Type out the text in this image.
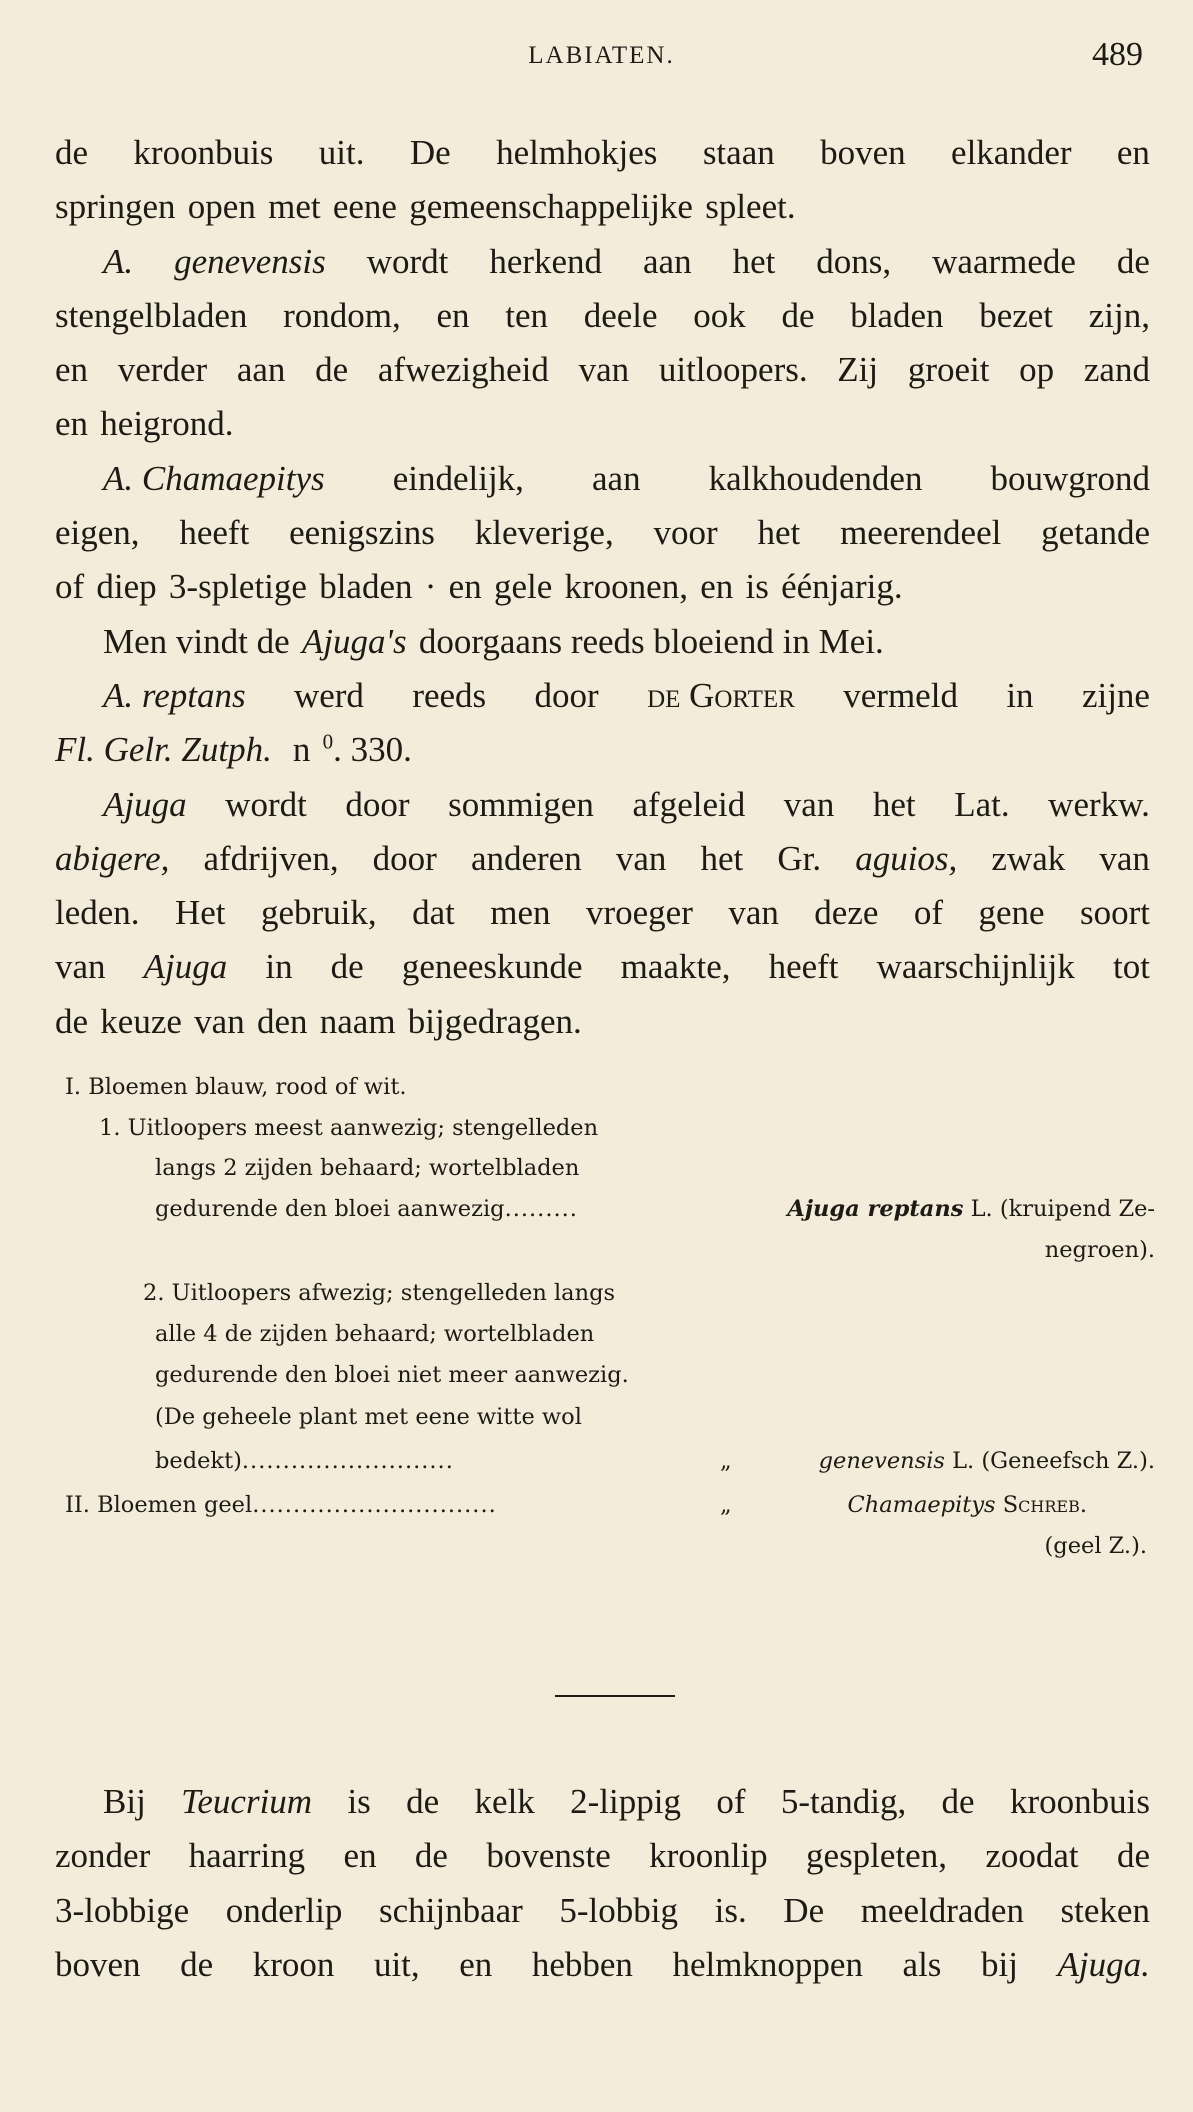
LABIATEN.	489
de kroonbuis uit. De helmhokjes staan boven elkander en
springen open met eene gemeenschappelijke spleet.
A. genevensis wordt herkend aan het dons, waarmede de
stengelbladen rondom, en ten deele ook de bladen bezet zijn,
en verder aan de afwezigheid van uitloopers. Zij groeit op zand
en heigrond.
A. Chamaepitys eindelijk, aan kalkhoudenden bouwgrond
eigen, heeft eenigszins kleverige, voor het meerendeel getande
of diep 3-spletige bladen · en gele kroonen, en is éénjarig.
Men vindt de Ajuga's doorgaans reeds bloeiend in Mei.
A. reptans werd reeds door de Gorter vermeld in zijne
Fl. Gelr. Zutph. n $^0$. 330.
Ajuga wordt door sommigen afgeleid van het Lat. werkw.
abigere, afdrijven, door anderen van het Gr. aguios, zwak van
leden. Het gebruik, dat men vroeger van deze of gene soort
van Ajuga in de geneeskunde maakte, heeft waarschijnlijk tot
de keuze van den naam bijgedragen.
I. Bloemen blauw, rood of wit.
1. Uitloopers meest aanwezig; stengelleden
langs 2 zijden behaard; wortelbladen
gedurende den bloei aanwezig.........	Ajuga reptans L. (kruipend Ze-
negroen).
2. Uitloopers afwezig; stengelleden langs
alle 4 de zijden behaard; wortelbladen
gedurende den bloei niet meer aanwezig.
(De geheele plant met eene witte wol
bedekt)..........................	„	genevensis L. (Geneefsch Z.).
II. Bloemen geel..............................	„	Chamaepitys Schreb.
(geel Z.).
Bij Teucrium is de kelk 2-lippig of 5-tandig, de kroonbuis
zonder haarring en de bovenste kroonlip gespleten, zoodat de
3-lobbige onderlip schijnbaar 5-lobbig is. De meeldraden steken
boven de kroon uit, en hebben helmknoppen als bij Ajuga.
